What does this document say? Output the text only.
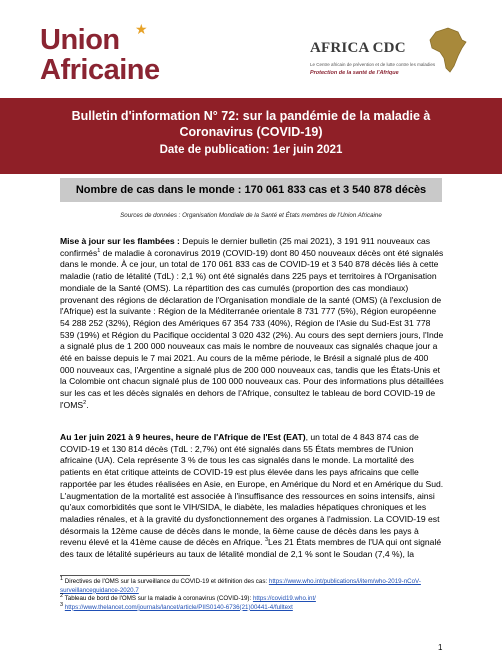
Union ★
Africaine
AFRICA CDC
Le Centre africain de prévention et de lutte contre les maladies
Protection de la santé de l'Afrique
Bulletin d'information N° 72: sur la pandémie de la maladie à Coronavirus (COVID-19)
Date de publication: 1er juin 2021
Nombre de cas dans le monde : 170 061 833 cas et 3 540 878 décès
Sources de données : Organisation Mondiale de la Santé et États membres de l'Union Africaine

Mise à jour sur les flambées : Depuis le dernier bulletin (25 mai 2021), 3 191 911 nouveaux cas confirmés$^1$ de maladie à coronavirus 2019 (COVID-19) dont 80 450 nouveaux décès ont été signalés dans le monde. À ce jour, un total de 170 061 833 cas de COVID-19 et 3 540 878 décès liés à cette maladie (ratio de létalité (TdL) : 2,1 %) ont été signalés dans 225 pays et territoires à l'Organisation mondiale de la Santé (OMS). La répartition des cas cumulés (proportion des cas mondiaux) provenant des régions de déclaration de l'Organisation mondiale de la santé (OMS) (à l'exclusion de l'Afrique) est la suivante : Région de la Méditerranée orientale 8 731 777 (5%), Région européenne 54 288 252 (32%), Région des Amériques 67 354 733 (40%), Région de l'Asie du Sud-Est 31 778 539 (19%) et Région du Pacifique occidental 3 020 432 (2%). Au cours des sept derniers jours, l'Inde a signalé plus de 1 200 000 nouveaux cas mais le nombre de nouveaux cas signalés chaque jour a été en baisse depuis le 7 mai 2021. Au cours de la même période, le Brésil a signalé plus de 400 000 nouveaux cas, l'Argentine a signalé plus de 200 000 nouveaux cas, tandis que les États-Unis et la Colombie ont chacun signalé plus de 100 000 nouveaux cas. Pour des informations plus détaillées sur les cas et les décès signalés en dehors de l'Afrique, consultez le tableau de bord COVID-19 de l'OMS$^2$.

Au 1er juin 2021 à 9 heures, heure de l'Afrique de l'Est (EAT), un total de 4 843 874 cas de COVID-19 et 130 814 décès (TdL : 2,7%) ont été signalés dans 55 États membres de l'Union africaine (UA). Cela représente 3 % de tous les cas signalés dans le monde. La mortalité des patients en état critique atteints de COVID-19 est plus élevée dans les pays africains que celle rapportée par les études réalisées en Asie, en Europe, en Amérique du Nord et en Amérique du Sud. L'augmentation de la mortalité est associée à l'insuffisance des ressources en soins intensifs, ainsi qu'aux comorbidités que sont le VIH/SIDA, le diabète, les maladies hépatiques chroniques et les maladies rénales, et à la gravité du dysfonctionnement des organes à l'admission. La COVID-19 est désormais la 12ème cause de décès dans le monde, la 6ème cause de décès dans les pays à revenu élevé et la 41ème cause de décès en Afrique. $^3$Les 21 États membres de l'UA qui ont signalé des taux de létalité supérieurs au taux de létalité mondial de 2,1 % sont le Soudan (7,4 %), la

$^1$ Directives de l'OMS sur la surveillance du COVID-19 et définition des cas: https://www.who.int/publications/i/item/who-2019-nCoV-surveillanceguidance-2020.7
$^2$ Tableau de bord de l'OMS sur la maladie à coronavirus (COVID-19): https://covid19.who.int/
$^3$ https://www.thelancet.com/journals/lancet/article/PIIS0140-6736(21)00441-4/fulltext
1
